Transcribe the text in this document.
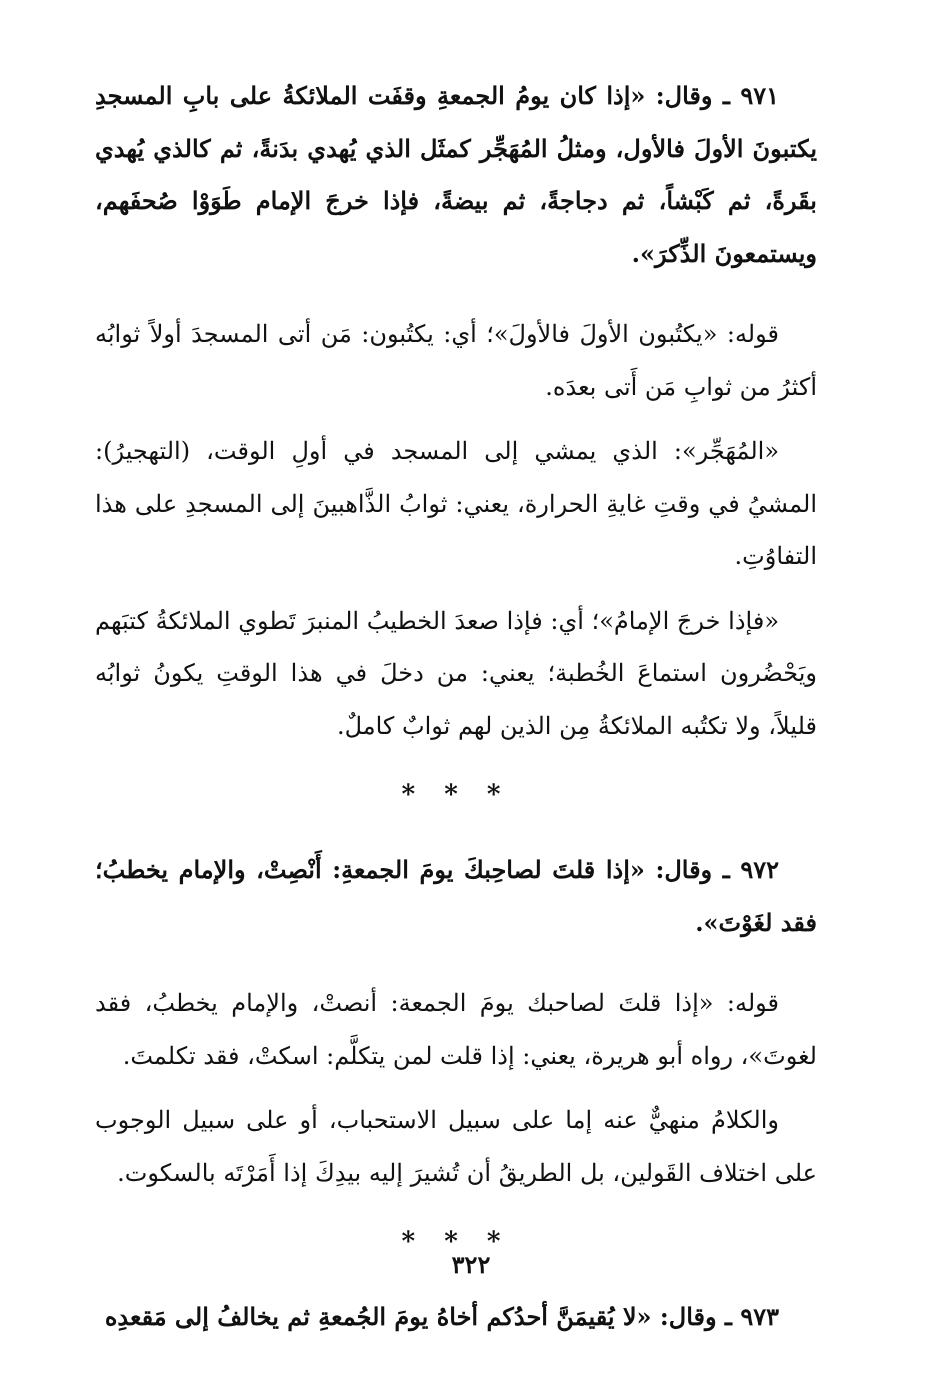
٩٧١ ـ وقال: «إذا كان يومُ الجمعةِ وقفَت الملائكةُ على بابِ المسجدِ يكتبونَ الأولَ فالأول، ومثلُ المُهَجِّر كمثَل الذي يُهدي بدَنةً، ثم كالذي يُهدي بقَرةً، ثم كَبْشاً، ثم دجاجةً، ثم بيضةً، فإذا خرجَ الإمام طَوَوْا صُحفَهم، ويستمعونَ الذِّكرَ».

قوله: «يكتُبون الأولَ فالأولَ»؛ أي: يكتُبون: مَن أتى المسجدَ أولاً ثوابُه أكثرُ من ثوابِ مَن أَتى بعدَه.

«المُهَجِّر»: الذي يمشي إلى المسجد في أولِ الوقت، (التهجيرُ): المشيُ في وقتِ غايةِ الحرارة، يعني: ثوابُ الذَّاهبينَ إلى المسجدِ على هذا التفاوُتِ.

«فإذا خرجَ الإمامُ»؛ أي: فإذا صعدَ الخطيبُ المنبرَ تَطوي الملائكةُ كتبَهم ويَحْضُرون استماعَ الخُطبة؛ يعني: من دخلَ في هذا الوقتِ يكونُ ثوابُه قليلاً، ولا تكتُبه الملائكةُ مِن الذين لهم ثوابٌ كاملٌ.

* * *

٩٧٢ ـ وقال: «إذا قلتَ لصاحِبكَ يومَ الجمعةِ: أَنْصِتْ، والإمام يخطبُ؛ فقد لغَوْتَ».

قوله: «إذا قلتَ لصاحبك يومَ الجمعة: أنصتْ، والإمام يخطبُ، فقد لغوتَ»، رواه أبو هريرة، يعني: إذا قلت لمن يتكلَّم: اسكتْ، فقد تكلمتَ.

والكلامُ منهيٌّ عنه إما على سبيل الاستحباب، أو على سبيل الوجوب على اختلاف القَولين، بل الطريقُ أن تُشيرَ إليه بيدِكَ إذا أَمَرْتَه بالسكوت.

* * *

٩٧٣ ـ وقال: «لا يُقيمَنَّ أحدُكم أخاهُ يومَ الجُمعةِ ثم يخالفُ إلى مَقعدِه

٣٢٢
